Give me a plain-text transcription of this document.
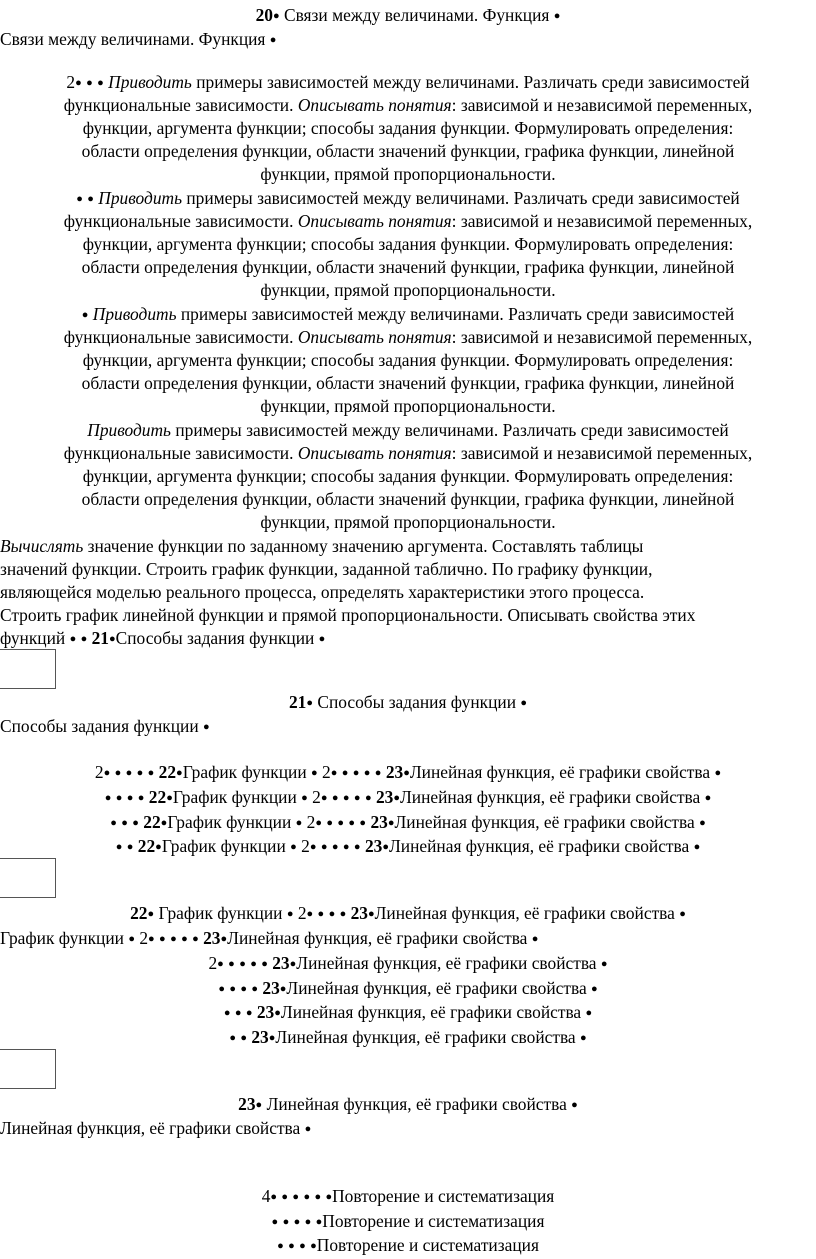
20● Связи между величинами. Функция ●
Связи между величинами. Функция ●
2● ● ● Приводить примеры зависимостей между величинами. Различать среди зависимостей
функциональные зависимости. Описывать понятия: зависимой и независимой переменных,
функции, аргумента функции; способы задания функции. Формулировать определения:
области определения функции, области значений функции, графика функции, линейной
функции, прямой пропорциональности.
● ● Приводить примеры зависимостей между величинами. Различать среди зависимостей
функциональные зависимости. Описывать понятия: зависимой и независимой переменных,
функции, аргумента функции; способы задания функции. Формулировать определения:
области определения функции, области значений функции, графика функции, линейной
функции, прямой пропорциональности.
● Приводить примеры зависимостей между величинами. Различать среди зависимостей
функциональные зависимости. Описывать понятия: зависимой и независимой переменных,
функции, аргумента функции; способы задания функции. Формулировать определения:
области определения функции, области значений функции, графика функции, линейной
функции, прямой пропорциональности.
Приводить примеры зависимостей между величинами. Различать среди зависимостей
функциональные зависимости. Описывать понятия: зависимой и независимой переменных,
функции, аргумента функции; способы задания функции. Формулировать определения:
области определения функции, области значений функции, графика функции, линейной
функции, прямой пропорциональности.
Вычислять значение функции по заданному значению аргумента. Составлять таблицы
значений функции. Строить график функции, заданной таблично. По графику функции,
являющейся моделью реального процесса, определять характеристики этого процесса.
Строить график линейной функции и прямой пропорциональности. Описывать свойства этих
функций ● ● 21●Способы задания функции ●
21● Способы задания функции ●
Способы задания функции ●
2● ● ● ● ● 22●График функции ● 2● ● ● ● ● 23●Линейная функция, её графики свойства ●
● ● ● ● 22●График функции ● 2● ● ● ● ● 23●Линейная функция, её графики свойства ●
● ● ● 22●График функции ● 2● ● ● ● ● 23●Линейная функция, её графики свойства ●
● ● 22●График функции ● 2● ● ● ● ● 23●Линейная функция, её графики свойства ●
22● График функции ● 2● ● ● ● 23●Линейная функция, её графики свойства ●
График функции ● 2● ● ● ● ● 23●Линейная функция, её графики свойства ●
2● ● ● ● ● 23●Линейная функция, её графики свойства ●
● ● ● ● 23●Линейная функция, её графики свойства ●
● ● ● 23●Линейная функция, её графики свойства ●
● ● 23●Линейная функция, её графики свойства ●
23● Линейная функция, её графики свойства ●
Линейная функция, её графики свойства ●
4● ● ● ● ● ●Повторение и систематизация
● ● ● ● ●Повторение и систематизация
● ● ● ●Повторение и систематизация
